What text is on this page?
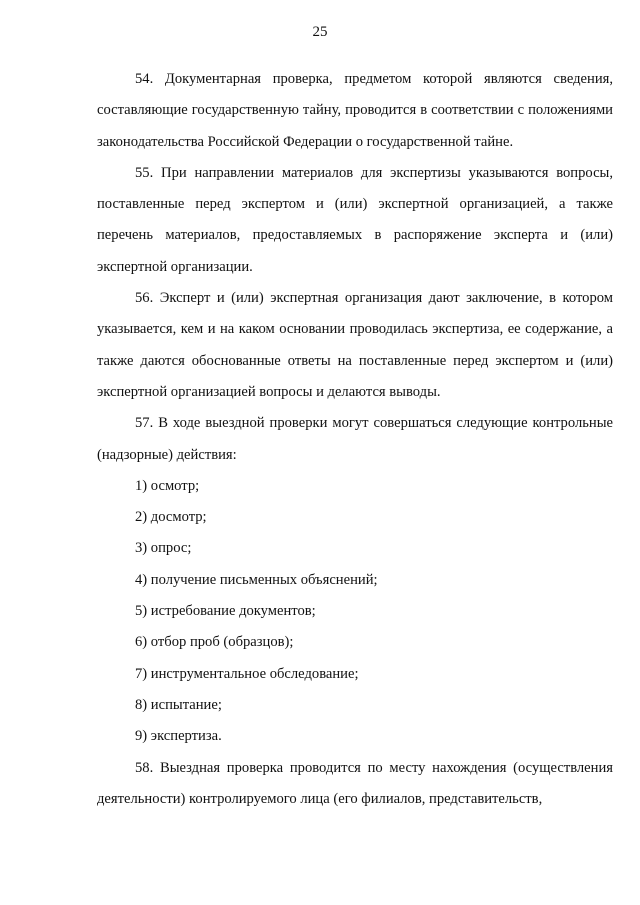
25

54. Документарная проверка, предметом которой являются сведения, составляющие государственную тайну, проводится в соответствии с положениями законодательства Российской Федерации о государственной тайне.

55. При направлении материалов для экспертизы указываются вопросы, поставленные перед экспертом и (или) экспертной организацией, а также перечень материалов, предоставляемых в распоряжение эксперта и (или) экспертной организации.

56. Эксперт и (или) экспертная организация дают заключение, в котором указывается, кем и на каком основании проводилась экспертиза, ее содержание, а также даются обоснованные ответы на поставленные перед экспертом и (или) экспертной организацией вопросы и делаются выводы.

57. В ходе выездной проверки могут совершаться следующие контрольные (надзорные) действия:

1) осмотр;

2) досмотр;

3) опрос;

4) получение письменных объяснений;

5) истребование документов;

6) отбор проб (образцов);

7) инструментальное обследование;

8) испытание;

9) экспертиза.

58. Выездная проверка проводится по месту нахождения (осуществления деятельности) контролируемого лица (его филиалов, представительств,
